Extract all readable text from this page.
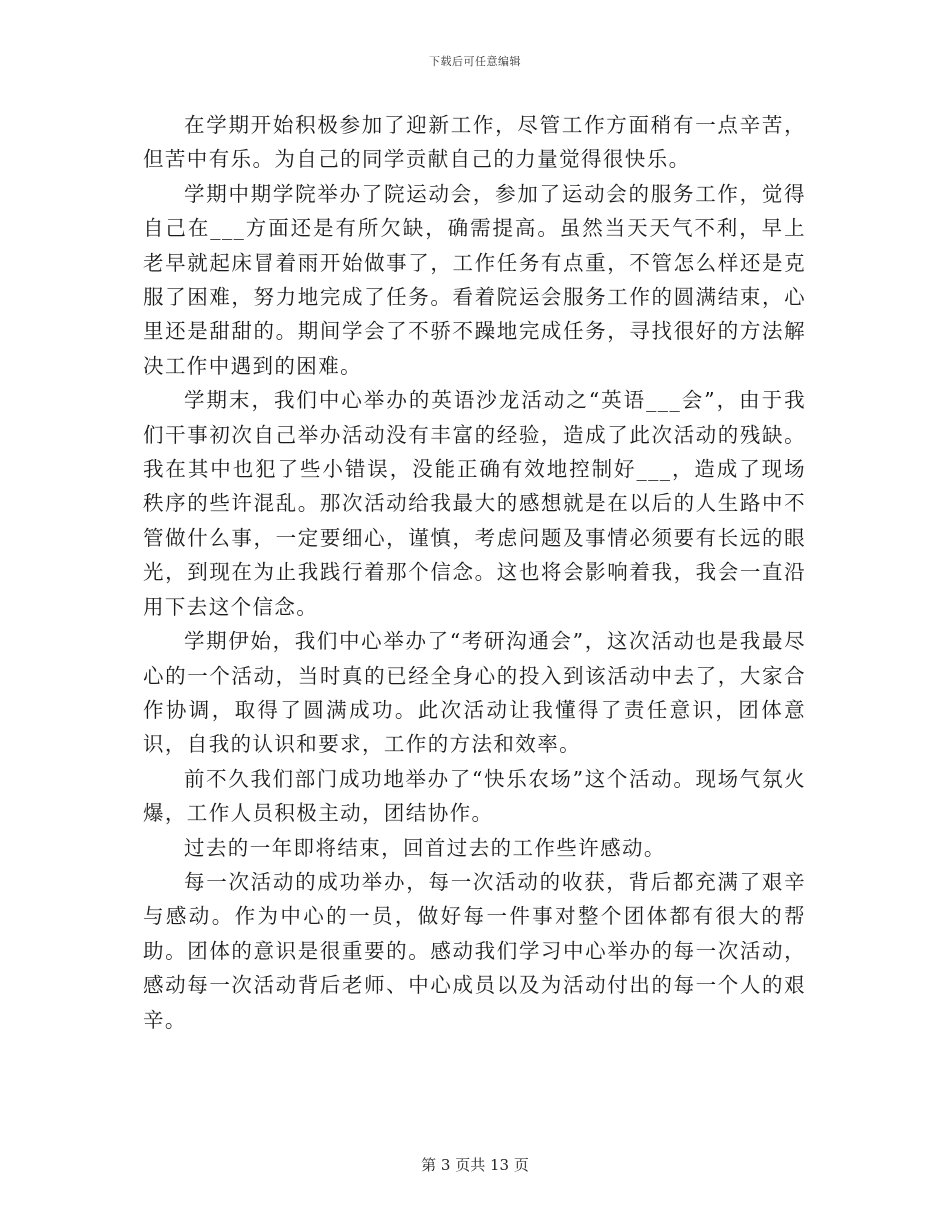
下载后可任意编辑

在学期开始积极参加了迎新工作，尽管工作方面稍有一点辛苦，但苦中有乐。为自己的同学贡献自己的力量觉得很快乐。

学期中期学院举办了院运动会，参加了运动会的服务工作，觉得自己在___方面还是有所欠缺，确需提高。虽然当天天气不利，早上老早就起床冒着雨开始做事了，工作任务有点重，不管怎么样还是克服了困难，努力地完成了任务。看着院运会服务工作的圆满结束，心里还是甜甜的。期间学会了不骄不躁地完成任务，寻找很好的方法解决工作中遇到的困难。

学期末，我们中心举办的英语沙龙活动之“英语___会”，由于我们干事初次自己举办活动没有丰富的经验，造成了此次活动的残缺。我在其中也犯了些小错误，没能正确有效地控制好___，造成了现场秩序的些许混乱。那次活动给我最大的感想就是在以后的人生路中不管做什么事，一定要细心，谨慎，考虑问题及事情必须要有长远的眼光，到现在为止我践行着那个信念。这也将会影响着我，我会一直沿用下去这个信念。

学期伊始，我们中心举办了“考研沟通会”，这次活动也是我最尽心的一个活动，当时真的已经全身心的投入到该活动中去了，大家合作协调，取得了圆满成功。此次活动让我懂得了责任意识，团体意识，自我的认识和要求，工作的方法和效率。

前不久我们部门成功地举办了“快乐农场”这个活动。现场气氛火爆，工作人员积极主动，团结协作。

过去的一年即将结束，回首过去的工作些许感动。

每一次活动的成功举办，每一次活动的收获，背后都充满了艰辛与感动。作为中心的一员，做好每一件事对整个团体都有很大的帮助。团体的意识是很重要的。感动我们学习中心举办的每一次活动，感动每一次活动背后老师、中心成员以及为活动付出的每一个人的艰辛。

第 3 页共 13 页
